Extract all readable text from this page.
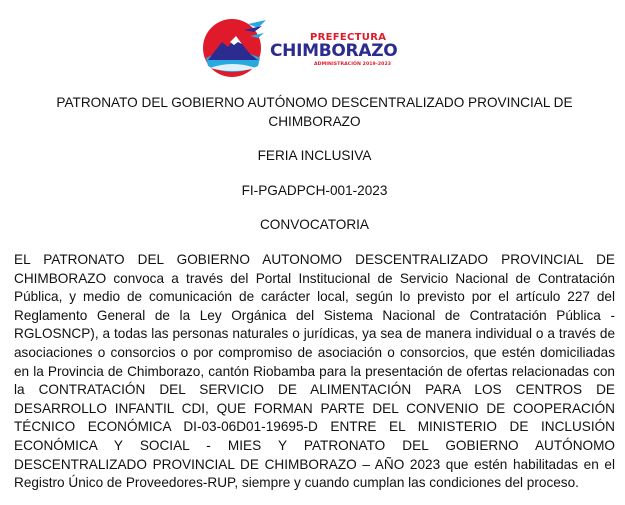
PREFECTURA
CHIMBORAZO
ADMINISTRACIÓN 2019-2023

PATRONATO DEL GOBIERNO AUTÓNOMO DESCENTRALIZADO PROVINCIAL DE CHIMBORAZO

FERIA INCLUSIVA

FI-PGADPCH-001-2023

CONVOCATORIA

EL PATRONATO DEL GOBIERNO AUTONOMO DESCENTRALIZADO PROVINCIAL DE CHIMBORAZO convoca a través del Portal Institucional de Servicio Nacional de Contratación Pública, y medio de comunicación de carácter local, según lo previsto por el artículo 227 del Reglamento General de la Ley Orgánica del Sistema Nacional de Contratación Pública - RGLOSNCP), a todas las personas naturales o jurídicas, ya sea de manera individual o a través de asociaciones o consorcios o por compromiso de asociación o consorcios, que estén domiciliadas en la Provincia de Chimborazo, cantón Riobamba para la presentación de ofertas relacionadas con la CONTRATACIÓN DEL SERVICIO DE ALIMENTACIÓN PARA LOS CENTROS DE DESARROLLO INFANTIL CDI, QUE FORMAN PARTE DEL CONVENIO DE COOPERACIÓN TÉCNICO ECONÓMICA DI-03-06D01-19695-D ENTRE EL MINISTERIO DE INCLUSIÓN ECONÓMICA Y SOCIAL - MIES Y PATRONATO DEL GOBIERNO AUTÓNOMO DESCENTRALIZADO PROVINCIAL DE CHIMBORAZO – AÑO 2023 que estén habilitadas en el Registro Único de Proveedores-RUP, siempre y cuando cumplan las condiciones del proceso.
